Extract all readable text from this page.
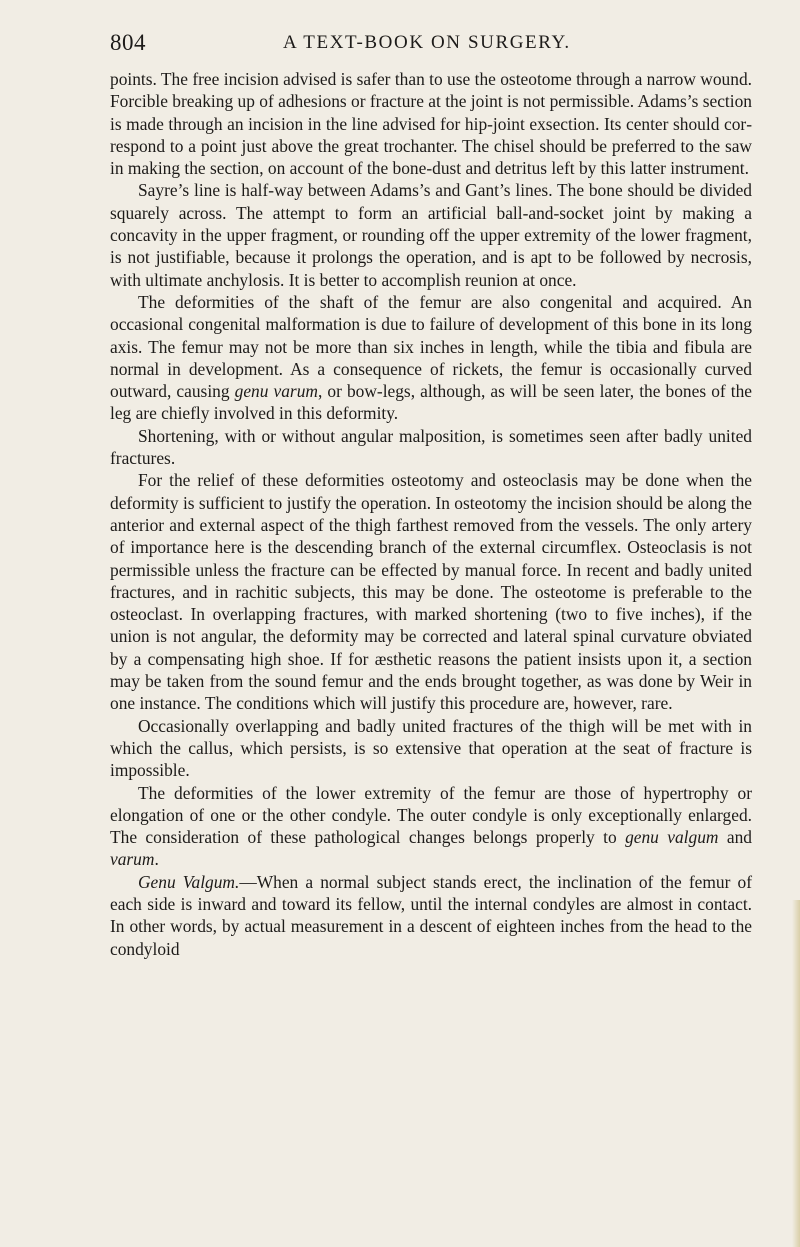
804	A TEXT-BOOK ON SURGERY.

points. The free incision advised is safer than to use the osteotome through a narrow wound. Forcible breaking up of adhesions or fracture at the joint is not permissible. Adams’s section is made through an incision in the line advised for hip-joint exsection. Its center should correspond to a point just above the great trochanter. The chisel should be preferred to the saw in making the section, on account of the bone-dust and detritus left by this latter instrument.

Sayre’s line is half-way between Adams’s and Gant’s lines. The bone should be divided squarely across. The attempt to form an artificial ball-and-socket joint by making a concavity in the upper fragment, or rounding off the upper extremity of the lower fragment, is not justifiable, because it prolongs the operation, and is apt to be followed by necrosis, with ultimate anchylosis. It is better to accomplish reunion at once.

The deformities of the shaft of the femur are also congenital and acquired. An occasional congenital malformation is due to failure of development of this bone in its long axis. The femur may not be more than six inches in length, while the tibia and fibula are normal in development. As a consequence of rickets, the femur is occasionally curved outward, causing genu varum, or bow-legs, although, as will be seen later, the bones of the leg are chiefly involved in this deformity.

Shortening, with or without angular malposition, is sometimes seen after badly united fractures.

For the relief of these deformities osteotomy and osteoclasis may be done when the deformity is sufficient to justify the operation. In osteotomy the incision should be along the anterior and external aspect of the thigh farthest removed from the vessels. The only artery of importance here is the descending branch of the external circumflex. Osteoclasis is not permissible unless the fracture can be effected by manual force. In recent and badly united fractures, and in rachitic subjects, this may be done. The osteotome is preferable to the osteoclast. In overlapping fractures, with marked shortening (two to five inches), if the union is not angular, the deformity may be corrected and lateral spinal curvature obviated by a compensating high shoe. If for æsthetic reasons the patient insists upon it, a section may be taken from the sound femur and the ends brought together, as was done by Weir in one instance. The conditions which will justify this procedure are, however, rare.

Occasionally overlapping and badly united fractures of the thigh will be met with in which the callus, which persists, is so extensive that operation at the seat of fracture is impossible.

The deformities of the lower extremity of the femur are those of hypertrophy or elongation of one or the other condyle. The outer condyle is only exceptionally enlarged. The consideration of these pathological changes belongs properly to genu valgum and varum.

Genu Valgum.—When a normal subject stands erect, the inclination of the femur of each side is inward and toward its fellow, until the internal condyles are almost in contact. In other words, by actual measurement in a descent of eighteen inches from the head to the condyloid
